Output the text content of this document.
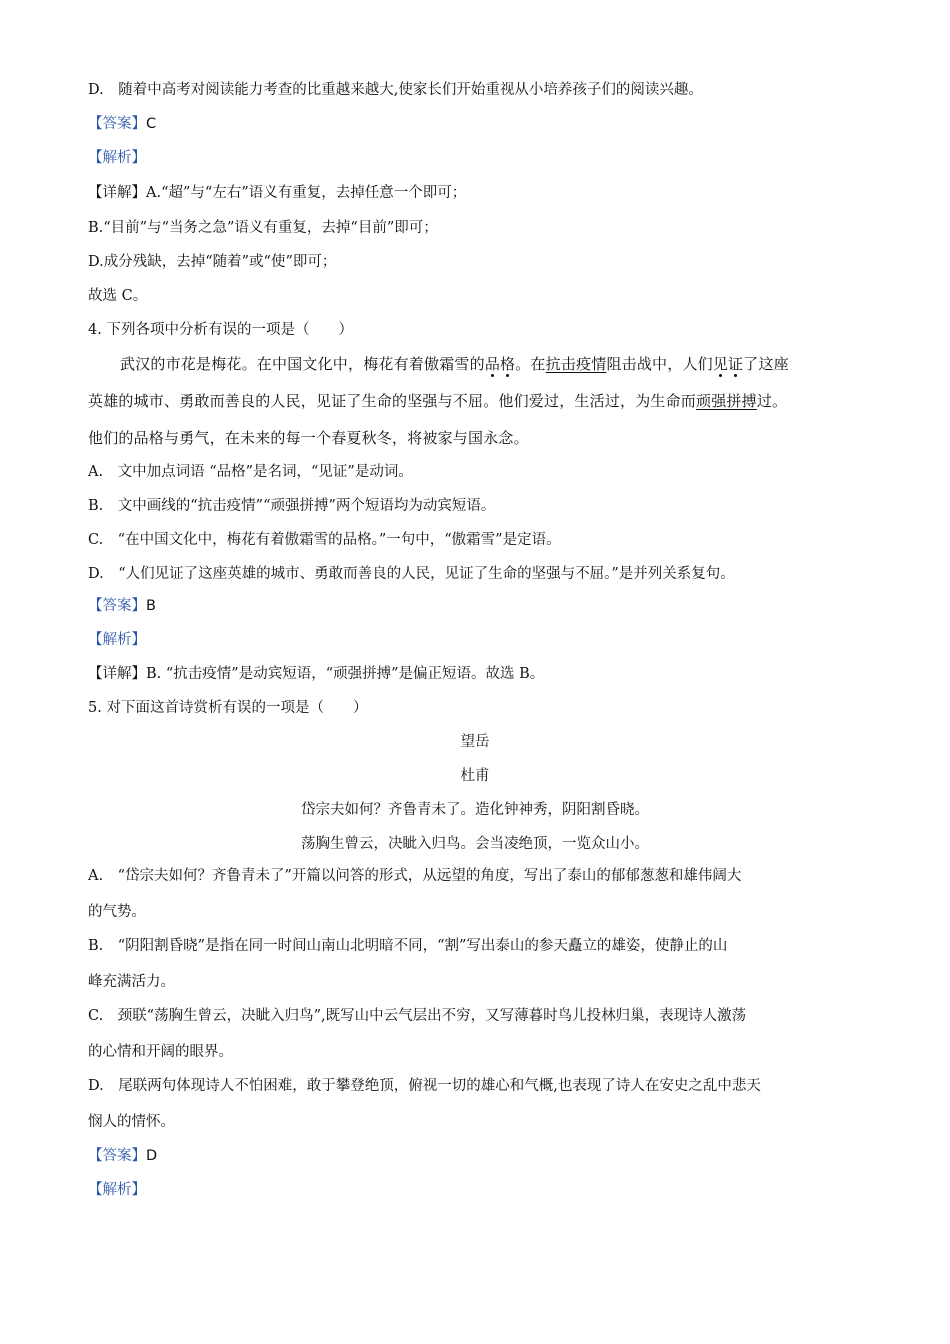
D.　随着中高考对阅读能力考查的比重越来越大,使家长们开始重视从小培养孩子们的阅读兴趣。
【答案】C
【解析】
【详解】A.“超”与“左右”语义有重复，去掉任意一个即可；
B.“目前”与“当务之急”语义有重复，去掉“目前”即可；
D.成分残缺，去掉“随着”或“使”即可；
故选 C。
4. 下列各项中分析有误的一项是（　　）
武汉的市花是梅花。在中国文化中，梅花有着傲霜雪的品格。在抗击疫情阻击战中，人们见证了这座
英雄的城市、勇敢而善良的人民，见证了生命的坚强与不屈。他们爱过，生活过，为生命而顽强拼搏过。
他们的品格与勇气，在未来的每一个春夏秋冬，将被家与国永念。
A.　文中加点词语 “品格”是名词，“见证”是动词。
B.　文中画线的“抗击疫情”“顽强拼搏”两个短语均为动宾短语。
C.　“在中国文化中，梅花有着傲霜雪的品格。”一句中，“傲霜雪”是定语。
D.　“人们见证了这座英雄的城市、勇敢而善良的人民，见证了生命的坚强与不屈。”是并列关系复句。
【答案】B
【解析】
【详解】B. “抗击疫情”是动宾短语，“顽强拼搏”是偏正短语。故选 B。
5. 对下面这首诗赏析有误的一项是（　　）
望岳
杜甫
岱宗夫如何？齐鲁青未了。造化钟神秀，阴阳割昏晓。
荡胸生曾云，决眦入归鸟。会当凌绝顶，一览众山小。
A.　“岱宗夫如何？齐鲁青未了”开篇以问答的形式，从远望的角度，写出了泰山的郁郁葱葱和雄伟阔大
的气势。
B.　“阴阳割昏晓”是指在同一时间山南山北明暗不同，“割”写出泰山的参天矗立的雄姿，使静止的山
峰充满活力。
C.　颈联“荡胸生曾云，决眦入归鸟”,既写山中云气层出不穷，又写薄暮时鸟儿投林归巢，表现诗人激荡
的心情和开阔的眼界。
D.　尾联两句体现诗人不怕困难，敢于攀登绝顶，俯视一切的雄心和气概,也表现了诗人在安史之乱中悲天
悯人的情怀。
【答案】D
【解析】
